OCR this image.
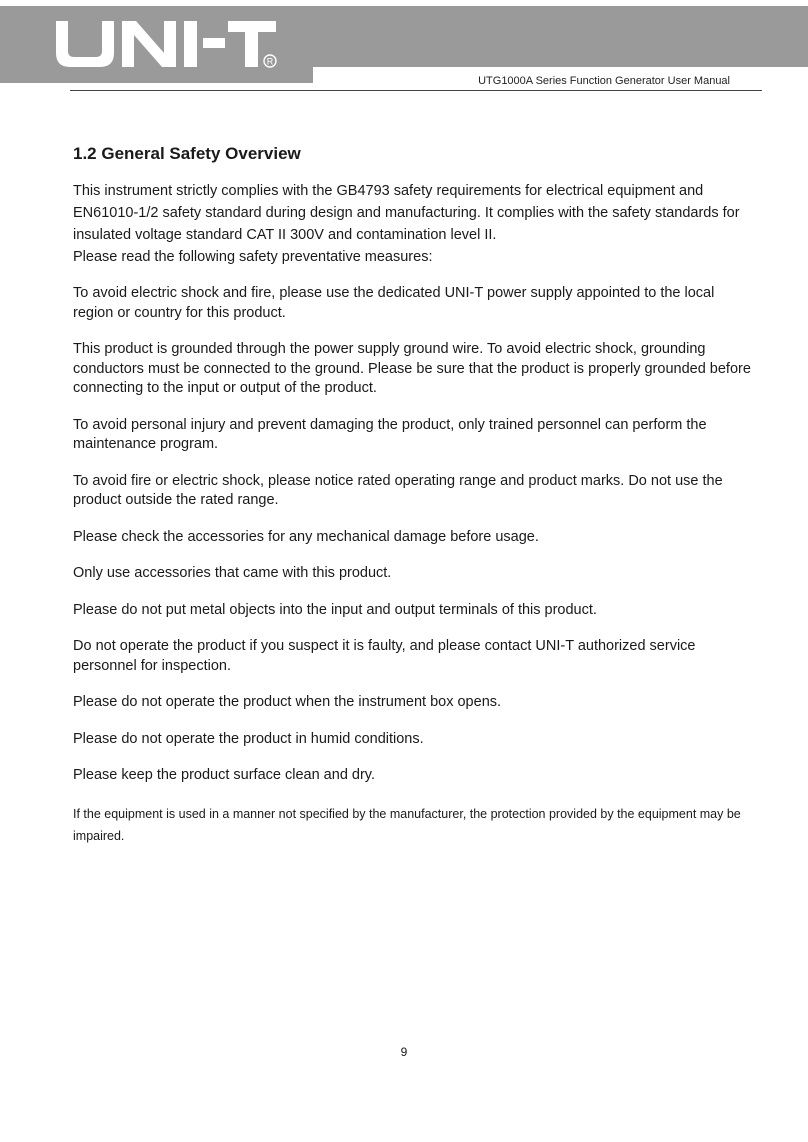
R
UTG1000A Series Function Generator User Manual
1.2 General Safety Overview

This instrument strictly complies with the GB4793 safety requirements for electrical equipment and EN61010-1/2 safety standard during design and manufacturing. It complies with the safety standards for insulated voltage standard CAT II 300V and contamination level II.

Please read the following safety preventative measures:

To avoid electric shock and fire, please use the dedicated UNI-T power supply appointed to the local region or country for this product.

This product is grounded through the power supply ground wire. To avoid electric shock, grounding conductors must be connected to the ground. Please be sure that the product is properly grounded before connecting to the input or output of the product.

To avoid personal injury and prevent damaging the product, only trained personnel can perform the maintenance program.

To avoid fire or electric shock, please notice rated operating range and product marks. Do not use the product outside the rated range.

Please check the accessories for any mechanical damage before usage.

Only use accessories that came with this product.

Please do not put metal objects into the input and output terminals of this product.

Do not operate the product if you suspect it is faulty, and please contact UNI-T authorized service personnel for inspection.

Please do not operate the product when the instrument box opens.

Please do not operate the product in humid conditions.

Please keep the product surface clean and dry.

If the equipment is used in a manner not specified by the manufacturer, the protection provided by the equipment may be impaired.

9
